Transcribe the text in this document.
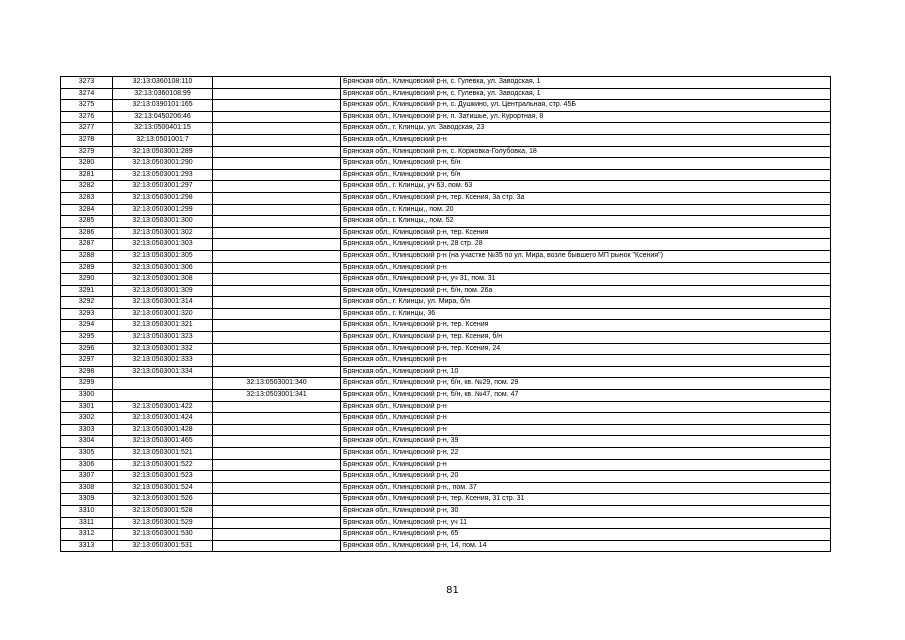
3273	32:13:0360108:110		Брянская обл., Клинцовский р-н, с. Гулевка, ул. Заводская, 1
3274	32:13:0360108:99		Брянская обл., Клинцовский р-н, с. Гулевка, ул. Заводская, 1
3275	32:13:0390101:165		Брянская обл., Клинцовский р-н, с. Душкино, ул. Центральная, стр. 45Б
3276	32:13:0450206:46		Брянская обл., Клинцовский р-н, п. Затишье, ул. Курортная, 8
3277	32:13:0500401:15		Брянская обл., г. Клинцы, ул. Заводская, 23
3278	32:13:0501001:7		Брянская обл., Клинцовский р-н
3279	32:13:0503001:289		Брянская обл., Клинцовский р-н, с. Коржовка-Голубовка, 18
3280	32:13:0503001:290		Брянская обл., Клинцовский р-н, б/н
3281	32:13:0503001:293		Брянская обл., Клинцовский р-н, б/н
3282	32:13:0503001:297		Брянская обл., г. Клинцы, уч 63, пом. 63
3283	32:13:0503001:298		Брянская обл., Клинцовский р-н, тер. Ксения, 3а стр. 3а
3284	32:13:0503001:299		Брянская обл., г. Клинцы,, пом. 20
3285	32:13:0503001:300		Брянская обл., г. Клинцы,, пом. 52
3286	32:13:0503001:302		Брянская обл., Клинцовский р-н, тер. Ксения
3287	32:13:0503001:303		Брянская обл., Клинцовский р-н, 28 стр. 28
3288	32:13:0503001:305		Брянская обл., Клинцовский р-н (на участке №35 по ул. Мира, возле бывшего МП рынок "Ксения")
3289	32:13:0503001:306		Брянская обл., Клинцовский р-н
3290	32:13:0503001:308		Брянская обл., Клинцовский р-н, уч 31, пом. 31
3291	32:13:0503001:309		Брянская обл., Клинцовский р-н, б/н, пом. 26а
3292	32:13:0503001:314		Брянская обл., г. Клинцы, ул. Мира, б/н
3293	32:13:0503001:320		Брянская обл., г. Клинцы, 36
3294	32:13:0503001:321		Брянская обл., Клинцовский р-н, тер. Ксения
3295	32:13:0503001:323		Брянская обл., Клинцовский р-н, тер. Ксения, б/н
3296	32:13:0503001:332		Брянская обл., Клинцовский р-н, тер. Ксения, 24
3297	32:13:0503001:333		Брянская обл., Клинцовский р-н
3298	32:13:0503001:334		Брянская обл., Клинцовский р-н, 10
3299		32:13:0503001:340	Брянская обл., Клинцовский р-н, б/н, кв. №29, пом. 29
3300		32:13:0503001:341	Брянская обл., Клинцовский р-н, б/н, кв. №47, пом. 47
3301	32:13:0503001:422		Брянская обл., Клинцовский р-н
3302	32:13:0503001:424		Брянская обл., Клинцовский р-н
3303	32:13:0503001:428		Брянская обл., Клинцовский р-н
3304	32:13:0503001:465		Брянская обл., Клинцовский р-н, 39
3305	32:13:0503001:521		Брянская обл., Клинцовский р-н, 22
3306	32:13:0503001:522		Брянская обл., Клинцовский р-н
3307	32:13:0503001:523		Брянская обл., Клинцовский р-н, 20
3308	32:13:0503001:524		Брянская обл., Клинцовский р-н,, пом. 37
3309	32:13:0503001:526		Брянская обл., Клинцовский р-н, тер. Ксения, 31 стр. 31
3310	32:13:0503001:528		Брянская обл., Клинцовский р-н, 30
3311	32:13:0503001:529		Брянская обл., Клинцовский р-н, уч 11
3312	32:13:0503001:530		Брянская обл., Клинцовский р-н, 65
3313	32:13:0503001:531		Брянская обл., Клинцовский р-н, 14, пом. 14
81
